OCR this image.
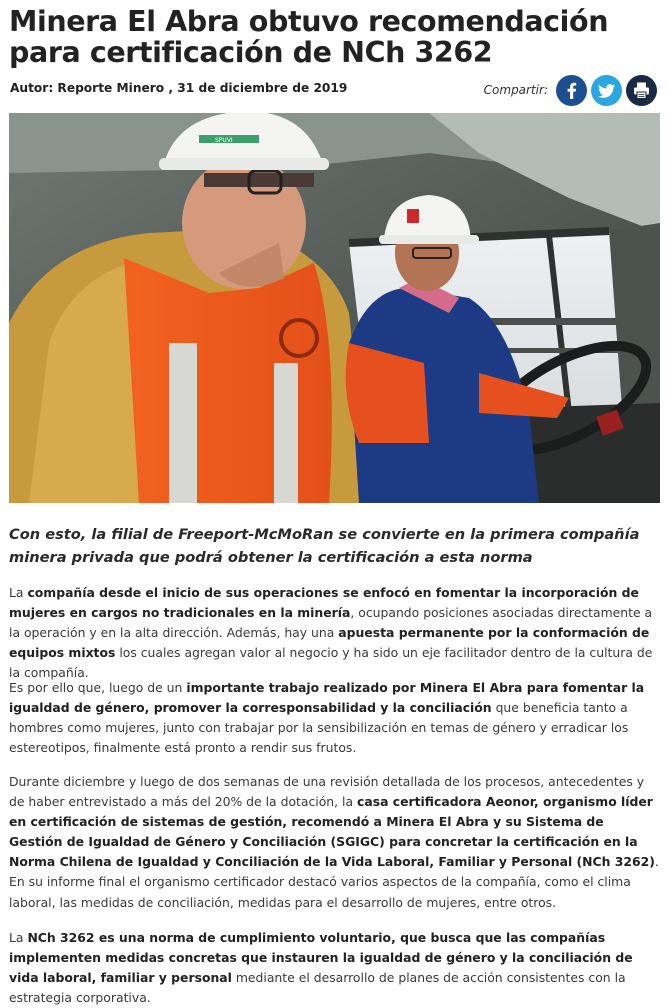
Minera El Abra obtuvo recomendación para certificación de NCh 3262
Autor: Reporte Minero , 31 de diciembre de 2019	Compartir:
SPUVI

Con esto, la filial de Freeport-McMoRan se convierte en la primera compañía minera privada que podrá obtener la certificación a esta norma

La compañía desde el inicio de sus operaciones se enfocó en fomentar la incorporación de mujeres en cargos no tradicionales en la minería, ocupando posiciones asociadas directamente a la operación y en la alta dirección. Además, hay una apuesta permanente por la conformación de equipos mixtos los cuales agregan valor al negocio y ha sido un eje facilitador dentro de la cultura de la compañía.

Es por ello que, luego de un importante trabajo realizado por Minera El Abra para fomentar la igualdad de género, promover la corresponsabilidad y la conciliación que beneficia tanto a hombres como mujeres, junto con trabajar por la sensibilización en temas de género y erradicar los estereotipos, finalmente está pronto a rendir sus frutos.

Durante diciembre y luego de dos semanas de una revisión detallada de los procesos, antecedentes y de haber entrevistado a más del 20% de la dotación, la casa certificadora Aeonor, organismo líder en certificación de sistemas de gestión, recomendó a Minera El Abra y su Sistema de Gestión de Igualdad de Género y Conciliación (SGIGC) para concretar la certificación en la Norma Chilena de Igualdad y Conciliación de la Vida Laboral, Familiar y Personal (NCh 3262). En su informe final el organismo certificador destacó varios aspectos de la compañía, como el clima laboral, las medidas de conciliación, medidas para el desarrollo de mujeres, entre otros.

La NCh 3262 es una norma de cumplimiento voluntario, que busca que las compañías implementen medidas concretas que instauren la igualdad de género y la conciliación de vida laboral, familiar y personal mediante el desarrollo de planes de acción consistentes con la estrategia corporativa.
